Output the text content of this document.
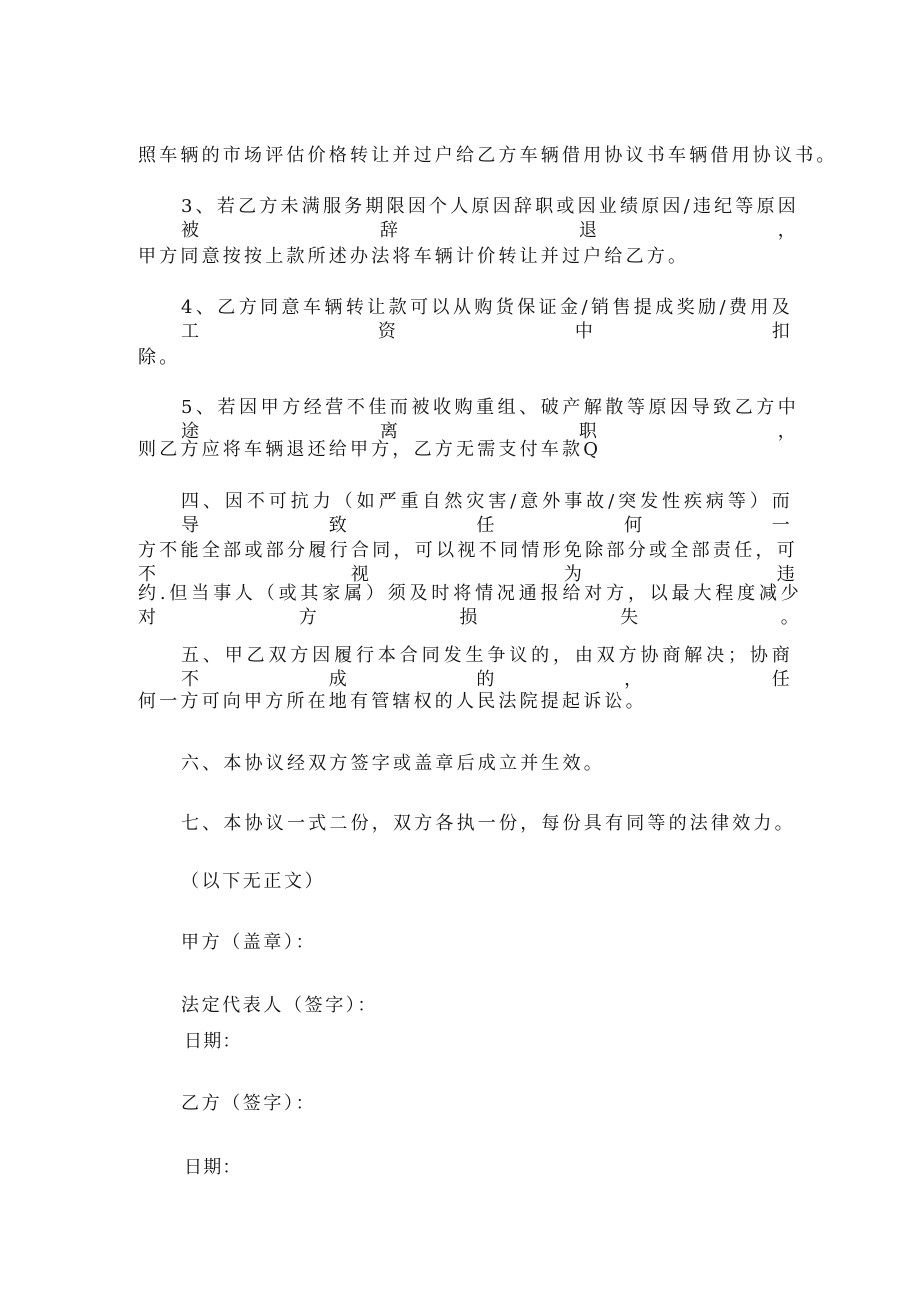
照车辆的市场评估价格转让并过户给乙方车辆借用协议书车辆借用协议书。
3、若乙方未满服务期限因个人原因辞职或因业绩原因/违纪等原因被辞退，
甲方同意按按上款所述办法将车辆计价转让并过户给乙方。
4、乙方同意车辆转让款可以从购货保证金/销售提成奖励/费用及工资中扣
除。
5、若因甲方经营不佳而被收购重组、破产解散等原因导致乙方中途离职，
则乙方应将车辆退还给甲方，乙方无需支付车款Q
四、因不可抗力（如严重自然灾害/意外事故/突发性疾病等）而导致任何一
方不能全部或部分履行合同，可以视不同情形免除部分或全部责任，可不视为违
约.但当事人（或其家属）须及时将情况通报给对方，以最大程度减少对方损失。
五、甲乙双方因履行本合同发生争议的，由双方协商解决；协商不成的，任
何一方可向甲方所在地有管辖权的人民法院提起诉讼。
六、本协议经双方签字或盖章后成立并生效。
七、本协议一式二份，双方各执一份，每份具有同等的法律效力。
（以下无正文）
甲方（盖章）：
法定代表人（签字）：
日期：
乙方（签字）：
日期：
